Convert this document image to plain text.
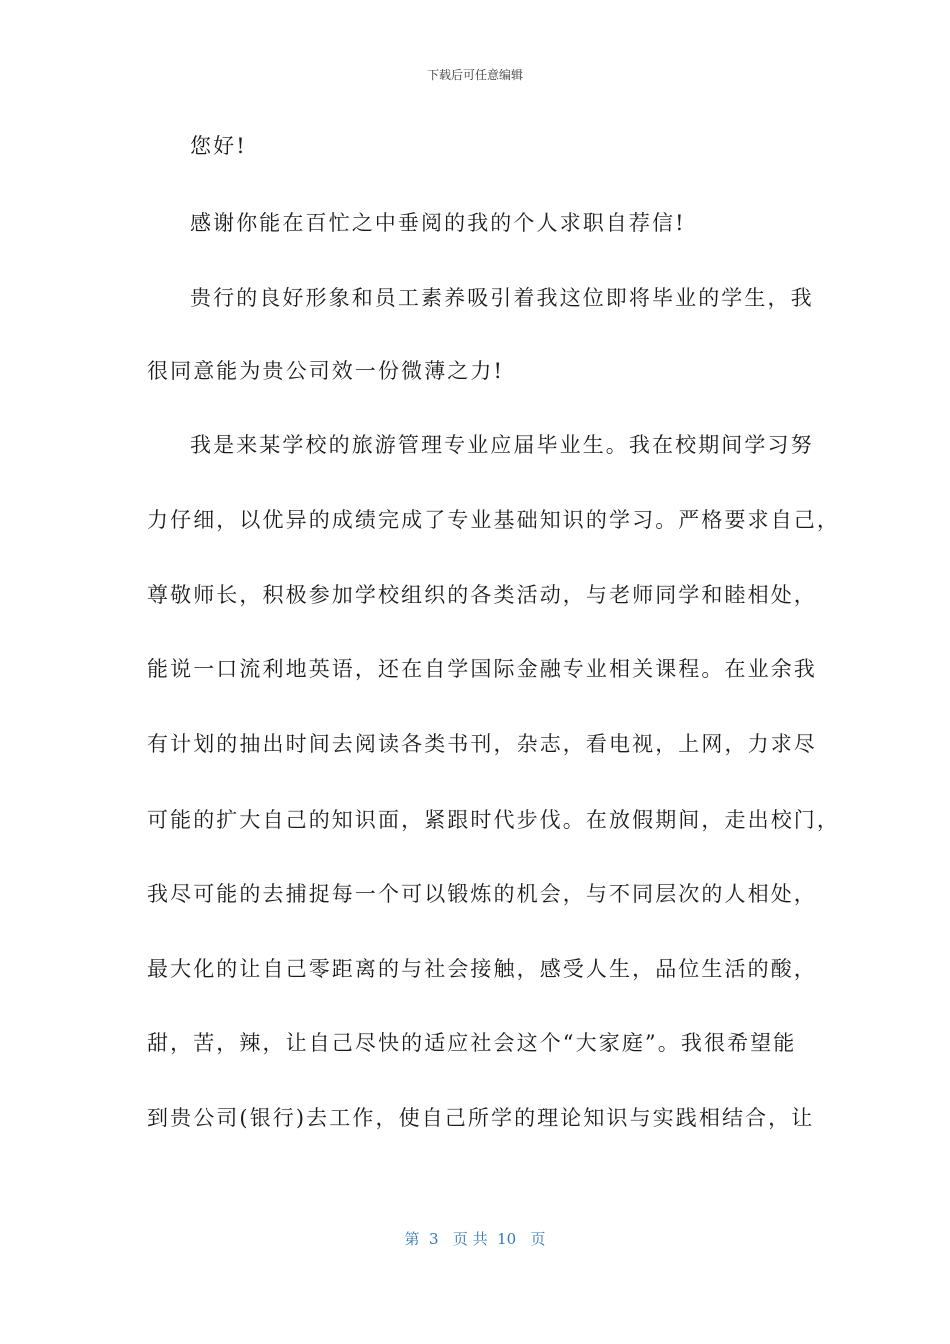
下载后可任意编辑
您好!
感谢你能在百忙之中垂阅的我的个人求职自荐信!
贵行的良好形象和员工素养吸引着我这位即将毕业的学生，我
很同意能为贵公司效一份微薄之力!
我是来某学校的旅游管理专业应届毕业生。我在校期间学习努
力仔细，以优异的成绩完成了专业基础知识的学习。严格要求自己，
尊敬师长，积极参加学校组织的各类活动，与老师同学和睦相处，
能说一口流利地英语，还在自学国际金融专业相关课程。在业余我
有计划的抽出时间去阅读各类书刊，杂志，看电视，上网，力求尽
可能的扩大自己的知识面，紧跟时代步伐。在放假期间，走出校门，
我尽可能的去捕捉每一个可以锻炼的机会，与不同层次的人相处，
最大化的让自己零距离的与社会接触，感受人生，品位生活的酸，
甜，苦，辣，让自己尽快的适应社会这个“大家庭”。我很希望能
到贵公司(银行)去工作，使自己所学的理论知识与实践相结合，让
第  3   页 共  10   页
